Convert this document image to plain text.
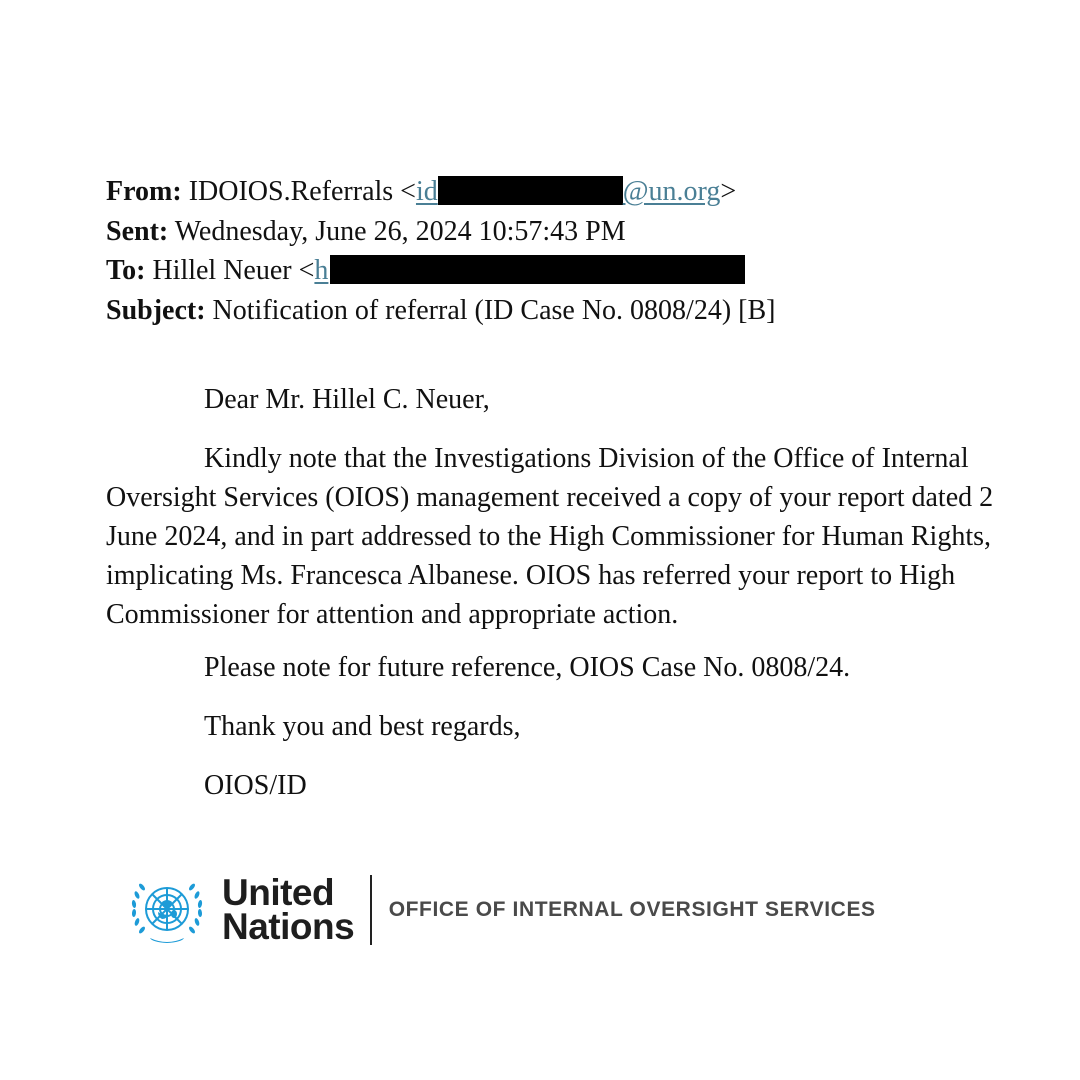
From: IDOIOS.Referrals <id	@un.org>
Sent: Wednesday, June 26, 2024 10:57:43 PM
To: Hillel Neuer <h
Subject: Notification of referral (ID Case No. 0808/24) [B]

Dear Mr. Hillel C. Neuer,

Kindly note that the Investigations Division of the Office of Internal Oversight Services (OIOS) management received a copy of your report dated 2 June 2024, and in part addressed to the High Commissioner for Human Rights, implicating Ms. Francesca Albanese. OIOS has referred your report to High Commissioner for attention and appropriate action.

Please note for future reference, OIOS Case No. 0808/24.

Thank you and best regards,

OIOS/ID

United
Nations OFFICE OF INTERNAL OVERSIGHT SERVICES
